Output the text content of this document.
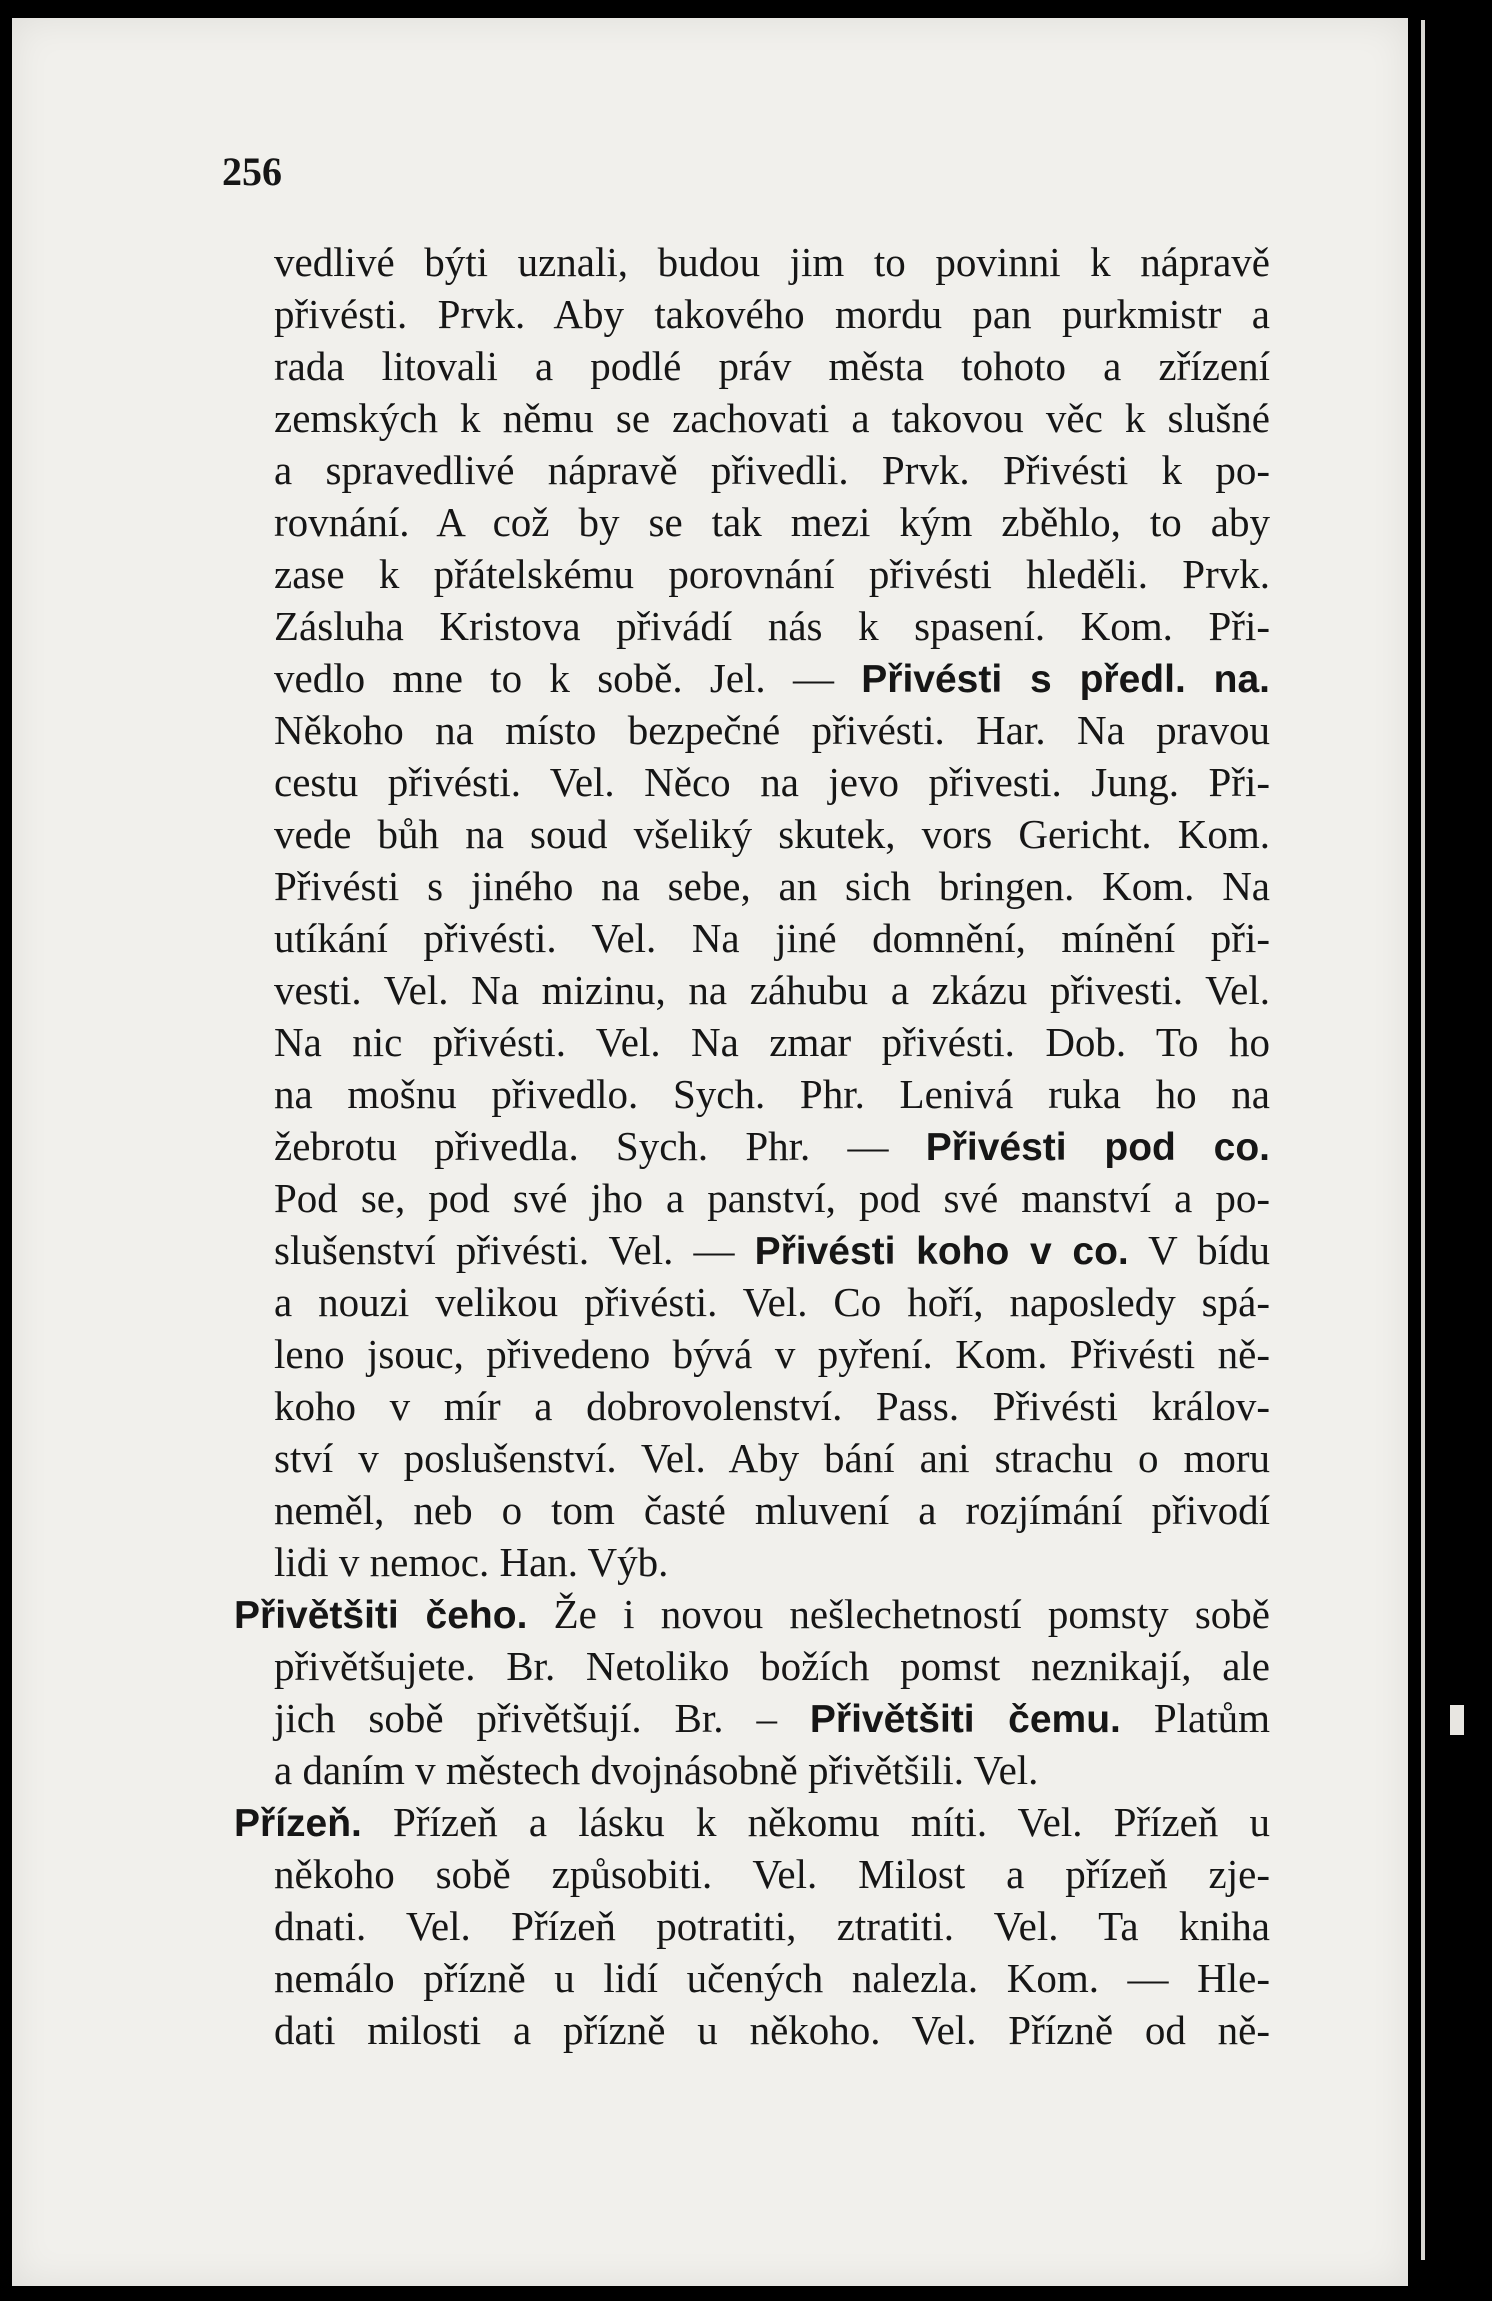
256
vedlivé býti uznali, budou jim to povinni k nápravě
přivésti. Prvk. Aby takového mordu pan purkmistr a
rada litovali a podlé práv města tohoto a zřízení
zemských k němu se zachovati a takovou věc k slušné
a spravedlivé nápravě přivedli. Prvk. Přivésti k po-
rovnání. A což by se tak mezi kým zběhlo, to aby
zase k přátelskému porovnání přivésti hleděli. Prvk.
Zásluha Kristova přivádí nás k spasení. Kom. Při-
vedlo mne to k sobě. Jel. — Přivésti s předl. na.
Někoho na místo bezpečné přivésti. Har. Na pravou
cestu přivésti. Vel. Něco na jevo přivesti. Jung. Při-
vede bůh na soud všeliký skutek, vors Gericht. Kom.
Přivésti s jiného na sebe, an sich bringen. Kom. Na
utíkání přivésti. Vel. Na jiné domnění, mínění při-
vesti. Vel. Na mizinu, na záhubu a zkázu přivesti. Vel.
Na nic přivésti. Vel. Na zmar přivésti. Dob. To ho
na mošnu přivedlo. Sych. Phr. Lenivá ruka ho na
žebrotu přivedla. Sych. Phr. — Přivésti pod co.
Pod se, pod své jho a panství, pod své manství a po-
slušenství přivésti. Vel. — Přivésti koho v co. V bídu
a nouzi velikou přivésti. Vel. Co hoří, naposledy spá-
leno jsouc, přivedeno bývá v pyření. Kom. Přivésti ně-
koho v mír a dobrovolenství. Pass. Přivésti králov-
ství v poslušenství. Vel. Aby bání ani strachu o moru
neměl, neb o tom časté mluvení a rozjímání přivodí
lidi v nemoc. Han. Výb.
Přivětšiti čeho. Že i novou nešlechetností pomsty sobě
přivětšujete. Br. Netoliko božích pomst neznikají, ale
jich sobě přivětšují. Br. – Přivětšiti čemu. Platům
a daním v městech dvojnásobně přivětšili. Vel.
Přízeň. Přízeň a lásku k někomu míti. Vel. Přízeň u
někoho sobě způsobiti. Vel. Milost a přízeň zje-
dnati. Vel. Přízeň potratiti, ztratiti. Vel. Ta kniha
nemálo přízně u lidí učených nalezla. Kom. — Hle-
dati milosti a přízně u někoho. Vel. Přízně od ně-
